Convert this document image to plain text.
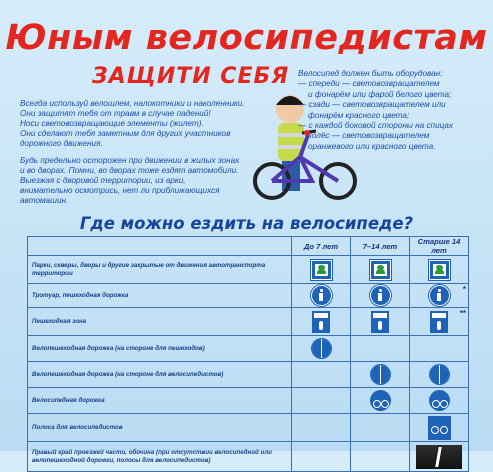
Юным велосипедистам
ЗАЩИТИ СЕБЯ
Всегда используй велошлем, налокотники и наколенники.
Они защитят тебя от травм в случае падений!
Носи световозвращающие элементы (жилет).
Они сделают тебя заметным для других участников
дорожного движения.
Будь предельно осторожен при движении в жилых зонах
и во дворах. Помни, во дворах тоже ездят автомобили.
Выезжая с дворовой территории, из арки,
внимательно осмотрись, нет ли приближающихся
автомашин.
Велосипед должен быть оборудован:
— спереди — световозвращателем
и фонарём или фарой белого цвета;
— сзади — световозвращателем или
фонарём красного цвета;
— с каждой боковой стороны на спицах
колёс — световозвращателем
оранжевого или красного цвета.
Где можно ездить на велосипеде?
	До 7 лет	7–14 лет	Старше 14 лет
Парки, скверы, дворы и другие закрытые от движения автотранспорта территории	

Тротуар, пешеходная дорожка			*

Пешеходная зона			**

Велопешеходная дорожка (на стороне для пешеходов)			
Велопешеходная дорожка (на стороне для велосипедистов)			
Велосипедная дорожка		

Полоса для велосипедистов			

Правый край проезжей части, обочина (при отсутствии велосипедной или велопешеходной дорожки, полосы для велосипедистов)			
